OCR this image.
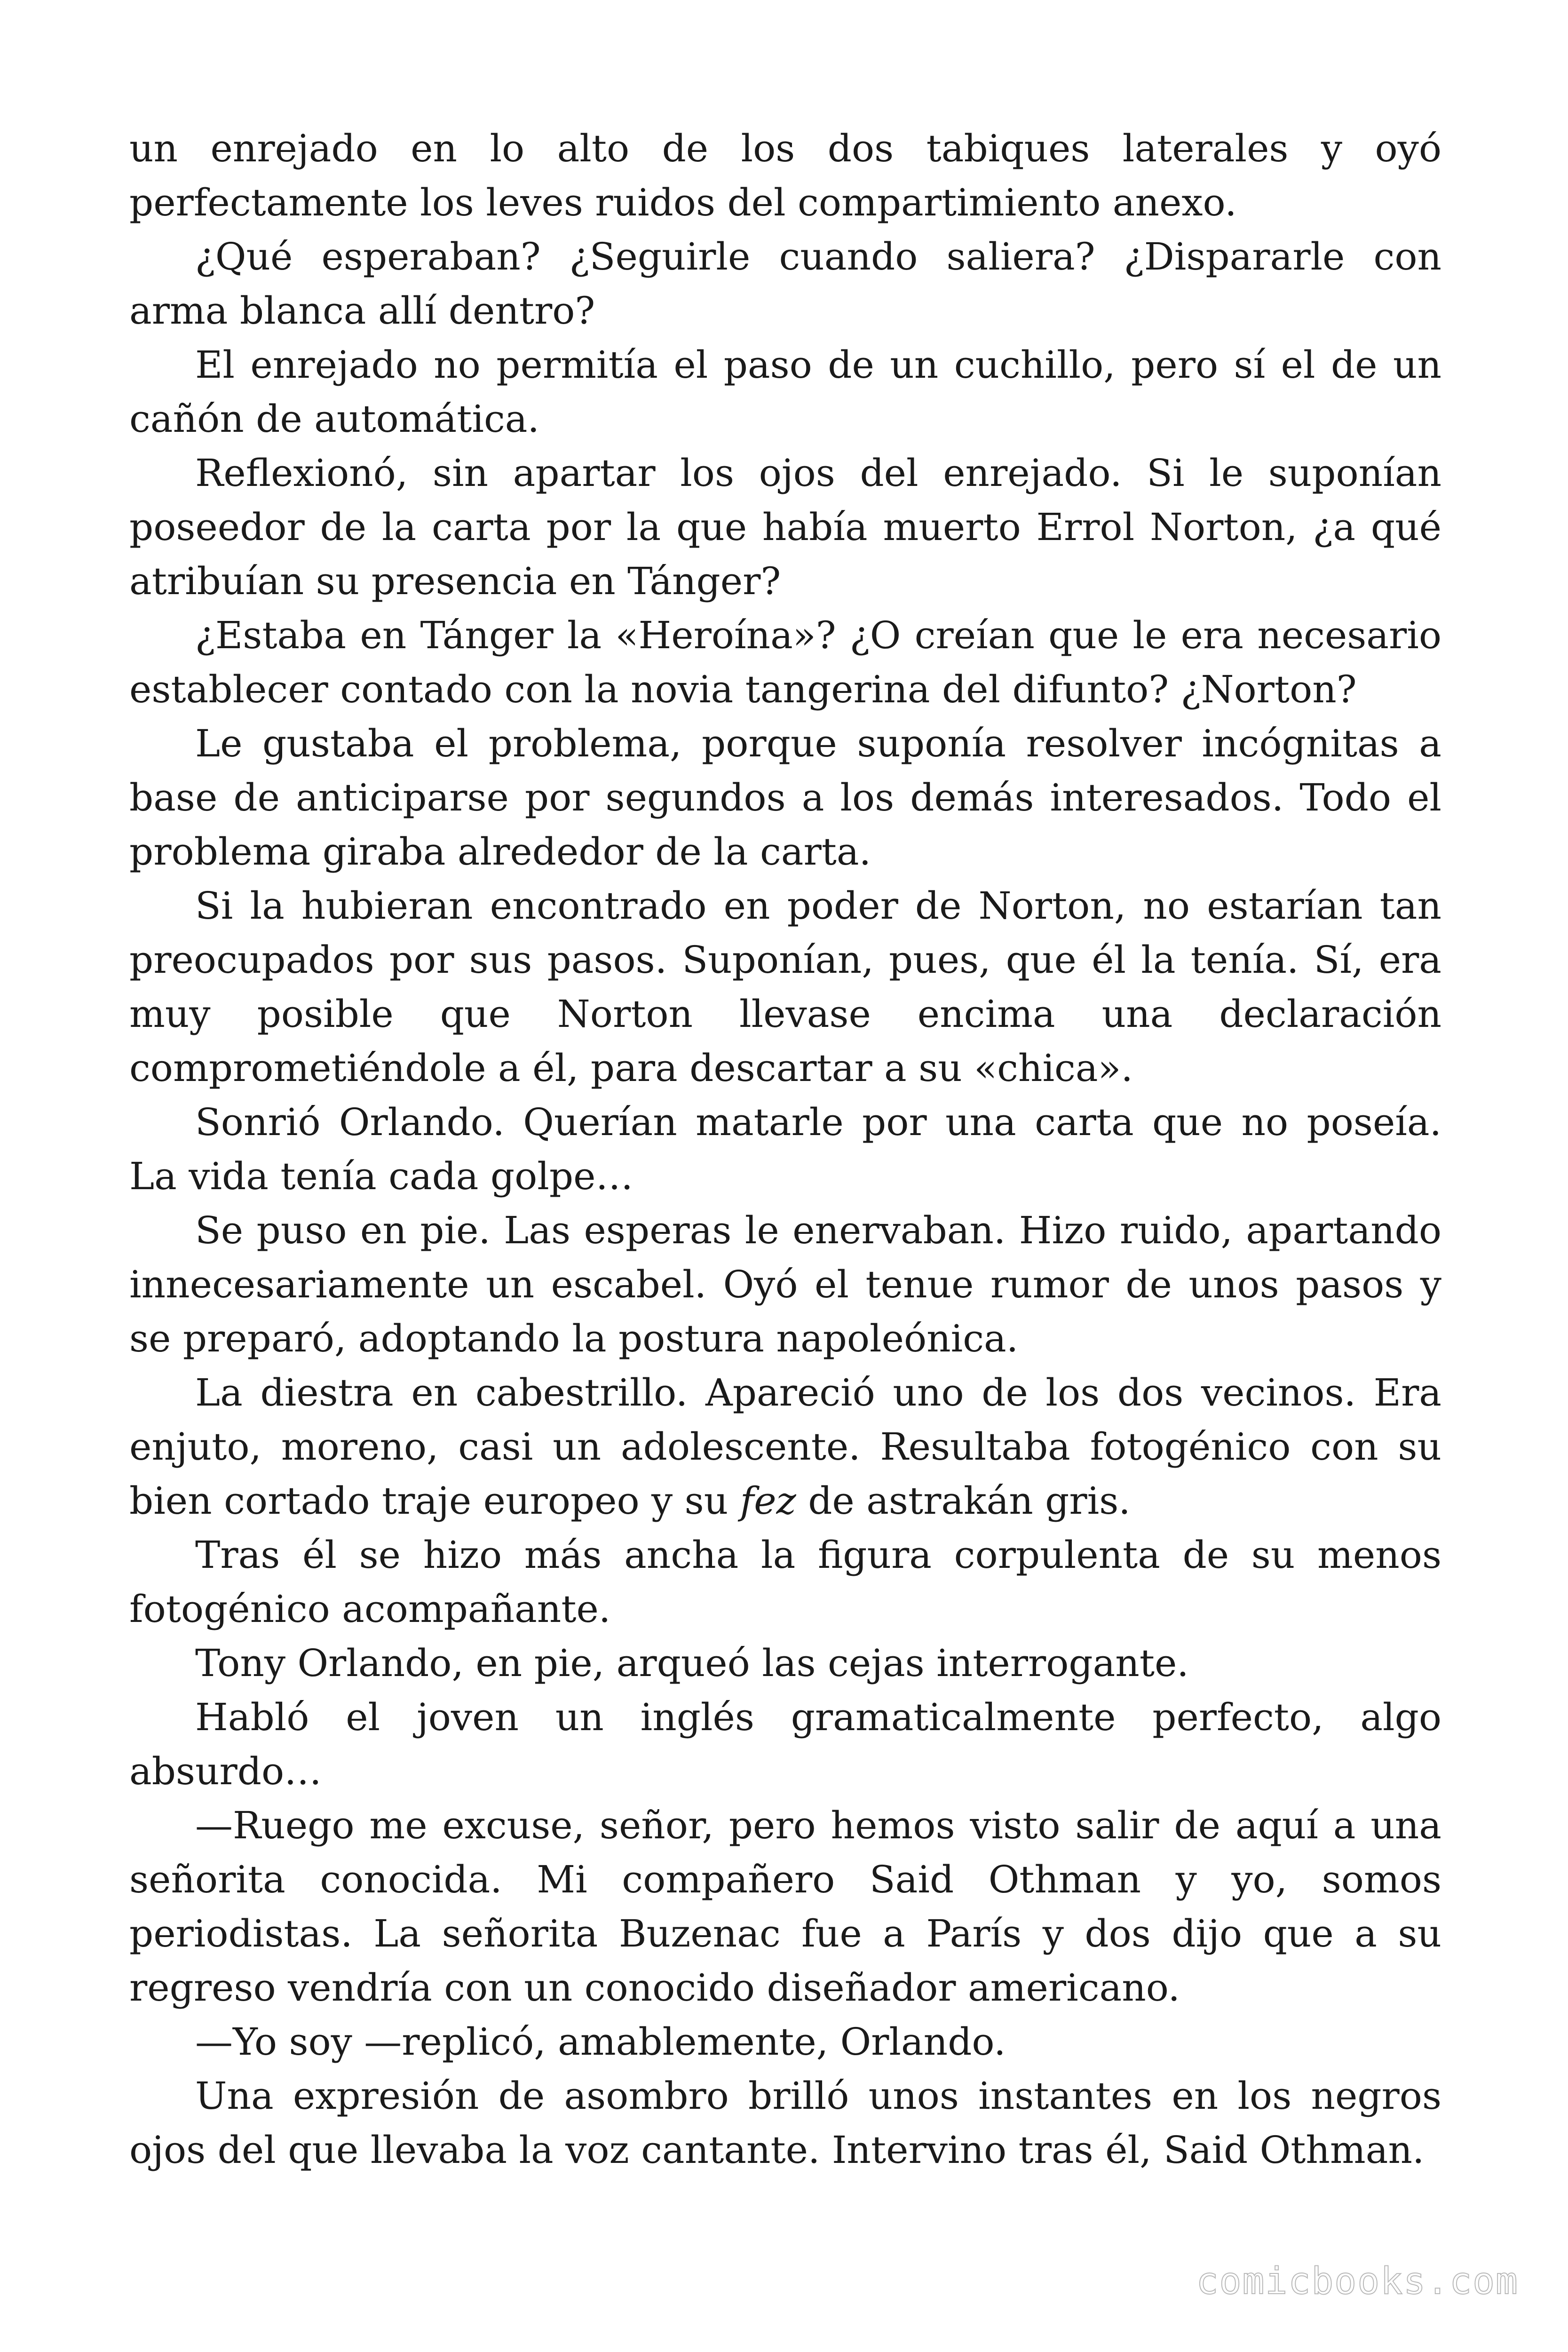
un enrejado en lo alto de los dos tabiques laterales y oyó perfectamente los leves ruidos del compartimiento anexo.

¿Qué esperaban? ¿Seguirle cuando saliera? ¿Dispararle con arma blanca allí dentro?

El enrejado no permitía el paso de un cuchillo, pero sí el de un cañón de automática.

Reflexionó, sin apartar los ojos del enrejado. Si le suponían poseedor de la carta por la que había muerto Errol Norton, ¿a qué atribuían su presencia en Tánger?

¿Estaba en Tánger la «Heroína»? ¿O creían que le era necesario establecer contado con la novia tangerina del difunto? ¿Norton?

Le gustaba el problema, porque suponía resolver incógnitas a base de anticiparse por segundos a los demás interesados. Todo el problema giraba alrededor de la carta.

Si la hubieran encontrado en poder de Norton, no estarían tan preocupados por sus pasos. Suponían, pues, que él la tenía. Sí, era muy posible que Norton llevase encima una declaración comprometiéndole a él, para descartar a su «chica».

Sonrió Orlando. Querían matarle por una carta que no poseía. La vida tenía cada golpe…

Se puso en pie. Las esperas le enervaban. Hizo ruido, apartando innecesariamente un escabel. Oyó el tenue rumor de unos pasos y se preparó, adoptando la postura napoleónica.

La diestra en cabestrillo. Apareció uno de los dos vecinos. Era enjuto, moreno, casi un adolescente. Resultaba fotogénico con su bien cortado traje europeo y su fez de astrakán gris.

Tras él se hizo más ancha la figura corpulenta de su menos fotogénico acompañante.

Tony Orlando, en pie, arqueó las cejas interrogante.

Habló el joven un inglés gramaticalmente perfecto, algo absurdo…

—Ruego me excuse, señor, pero hemos visto salir de aquí a una señorita conocida. Mi compañero Said Othman y yo, somos periodistas. La señorita Buzenac fue a París y dos dijo que a su regreso vendría con un conocido diseñador americano.

—Yo soy —replicó, amablemente, Orlando.

Una expresión de asombro brilló unos instantes en los negros ojos del que llevaba la voz cantante. Intervino tras él, Said Othman.

comicbooks.com
